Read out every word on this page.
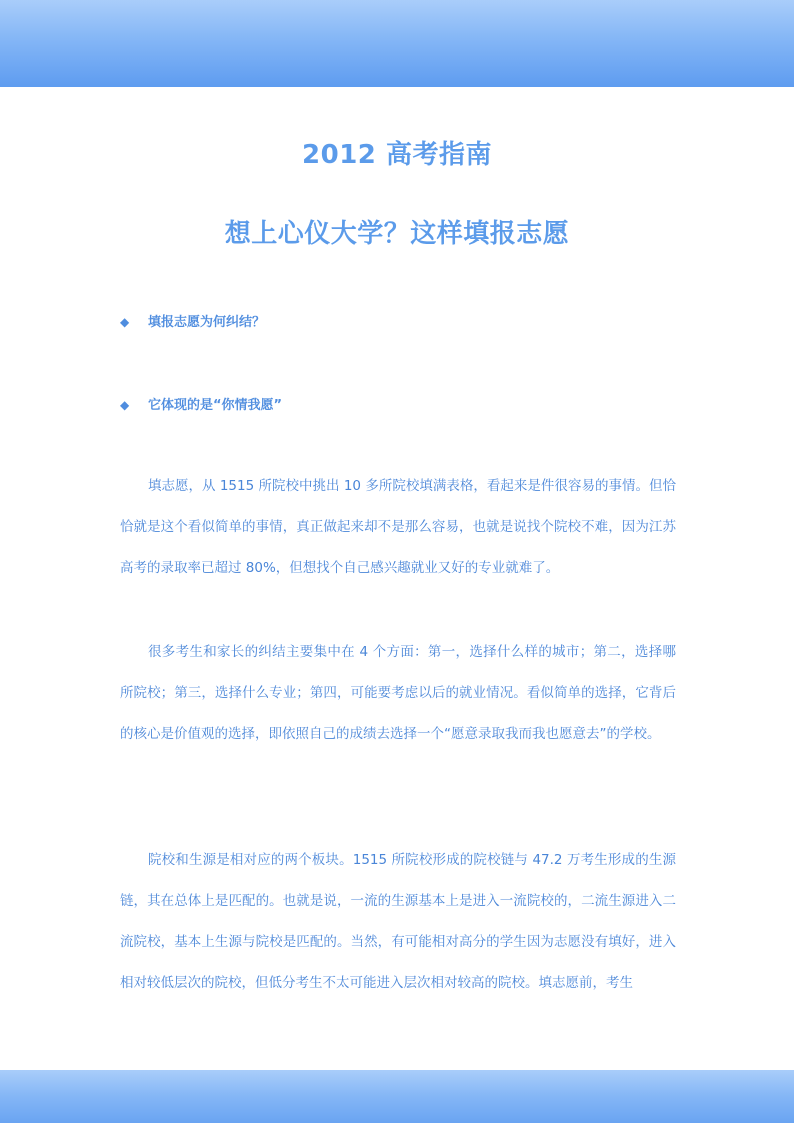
2012 高考指南
想上心仪大学？这样填报志愿
◆ 填报志愿为何纠结？
◆ 它体现的是“你情我愿”

填志愿，从 1515 所院校中挑出 10 多所院校填满表格，看起来是件很容易的事情。但恰恰就是这个看似简单的事情，真正做起来却不是那么容易，也就是说找个院校不难，因为江苏高考的录取率已超过 80%，但想找个自己感兴趣就业又好的专业就难了。

很多考生和家长的纠结主要集中在 4 个方面：第一，选择什么样的城市；第二，选择哪所院校；第三，选择什么专业；第四，可能要考虑以后的就业情况。看似简单的选择，它背后的核心是价值观的选择，即依照自己的成绩去选择一个“愿意录取我而我也愿意去”的学校。

院校和生源是相对应的两个板块。1515 所院校形成的院校链与 47.2 万考生形成的生源链，其在总体上是匹配的。也就是说，一流的生源基本上是进入一流院校的，二流生源进入二流院校，基本上生源与院校是匹配的。当然，有可能相对高分的学生因为志愿没有填好，进入相对较低层次的院校，但低分考生不太可能进入层次相对较高的院校。填志愿前，考生
